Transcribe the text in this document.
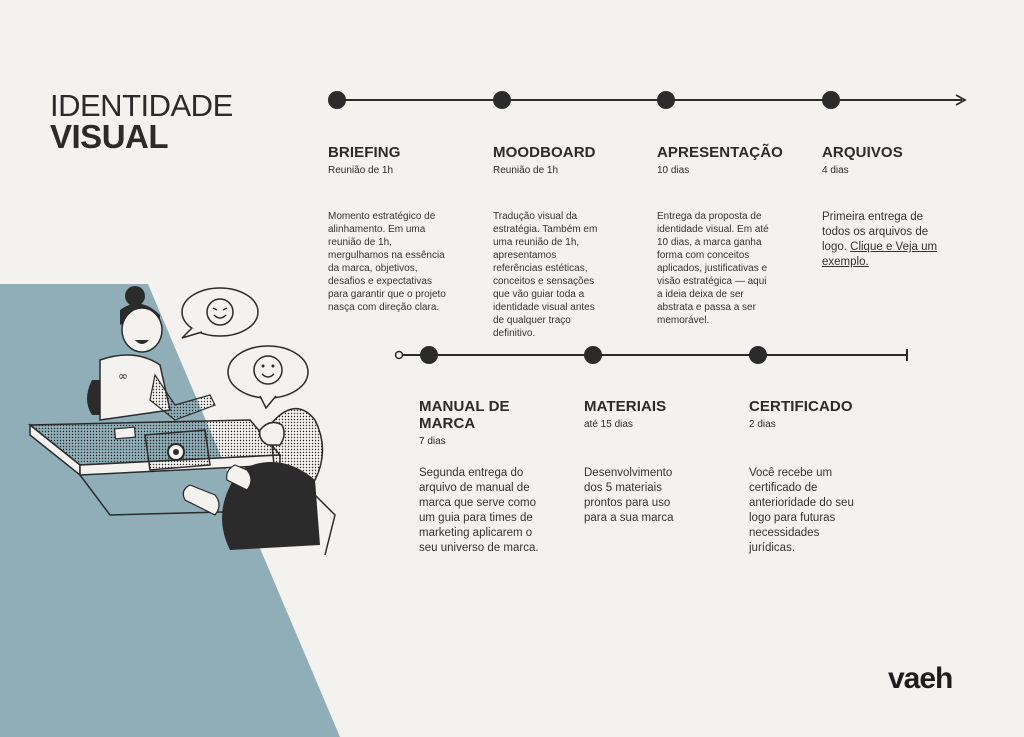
IDENTIDADE
VISUAL	BRIEFING
Reunião de 1h
Momento estratégico de alinhamento. Em uma reunião de 1h, mergulhamos na essência da marca, objetivos, desafios e expectativas para garantir que o projeto nasça com direção clara.
MOODBOARD
Reunião de 1h
Tradução visual da estratégia. Também em uma reunião de 1h, apresentamos referências estéticas, conceitos e sensações que vão guiar toda a identidade visual antes de qualquer traço definitivo.
APRESENTAÇÃO
10 dias
Entrega da proposta de identidade visual. Em até 10 dias, a marca ganha forma com conceitos aplicados, justificativas e visão estratégica — aqui a ideia deixa de ser abstrata e passa a ser memorável.
ARQUIVOS
4 dias
Primeira entrega de todos os arquivos de logo. Clique e Veja um exemplo.
MANUAL DE MARCA
7 dias
Segunda entrega do arquivo de manual de marca que serve como um guia para times de marketing aplicarem o seu universo de marca.
MATERIAIS
até 15 dias
Desenvolvimento dos 5 materiais prontos para uso para a sua marca
CERTIFICADO
2 dias
Você recebe um certificado de anterioridade do seu logo para futuras necessidades jurídicas.
∞
vaeh
